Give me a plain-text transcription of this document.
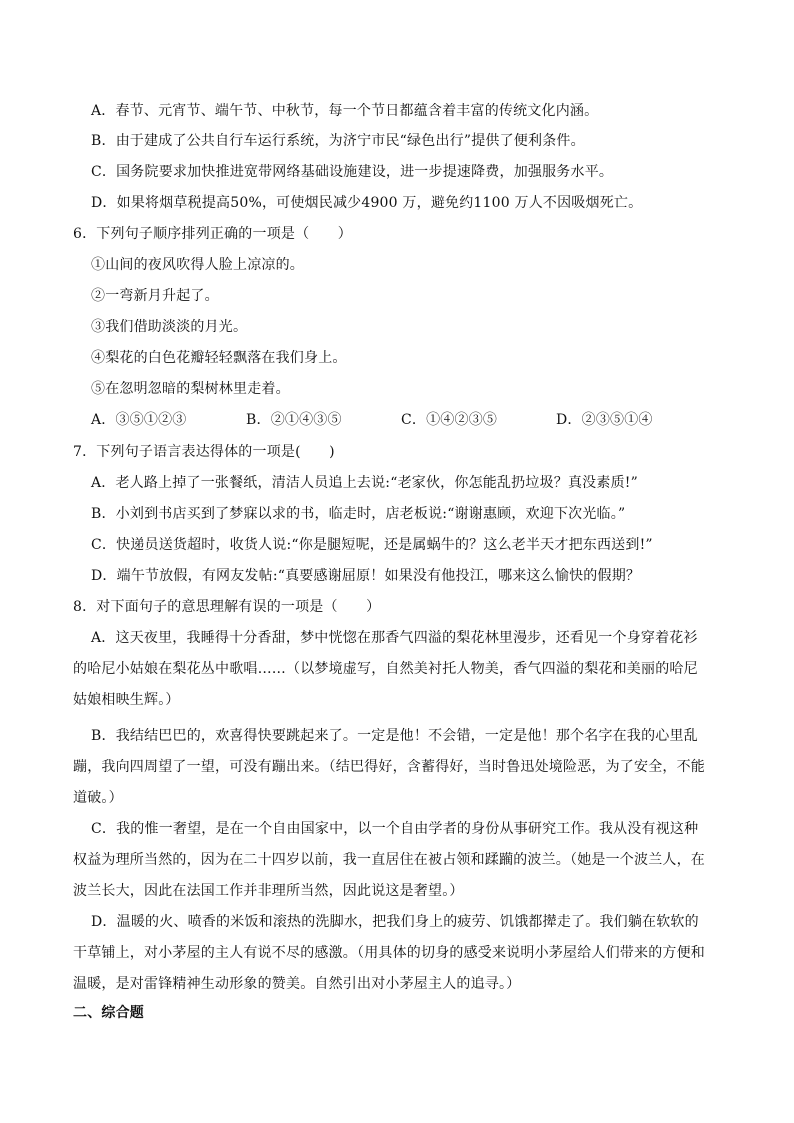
A．春节、元宵节、端午节、中秋节，每一个节日都蕴含着丰富的传统文化内涵。
B．由于建成了公共自行车运行系统，为济宁市民“绿色出行”提供了便利条件。
C．国务院要求加快推进宽带网络基础设施建设，进一步提速降费，加强服务水平。
D．如果将烟草税提高50%，可使烟民减少4900 万，避免约1100 万人不因吸烟死亡。
6．下列句子顺序排列正确的一项是（　　）
①山间的夜风吹得人脸上凉凉的。
②一弯新月升起了。
③我们借助淡淡的月光。
④梨花的白色花瓣轻轻飘落在我们身上。
⑤在忽明忽暗的梨树林里走着。
A．③⑤①②③	B．②①④③⑤	C．①④②③⑤	D．②③⑤①④
7．下列句子语言表达得体的一项是(　　)
A．老人路上掉了一张餐纸，清洁人员追上去说:“老家伙，你怎能乱扔垃圾？真没素质!”
B．小刘到书店买到了梦寐以求的书，临走时，店老板说:“谢谢惠顾，欢迎下次光临。”
C．快递员送货超时，收货人说:“你是腿短呢，还是属蜗牛的？这么老半天才把东西送到!”
D．端午节放假，有网友发帖:“真要感谢屈原！如果没有他投江，哪来这么愉快的假期？
8．对下面句子的意思理解有误的一项是（　　）
A．这天夜里，我睡得十分香甜，梦中恍惚在那香气四溢的梨花林里漫步，还看见一个身穿着花衫
的哈尼小姑娘在梨花丛中歌唱……（以梦境虚写，自然美衬托人物美，香气四溢的梨花和美丽的哈尼
姑娘相映生辉。）
B．我结结巴巴的，欢喜得快要跳起来了。一定是他！不会错，一定是他！那个名字在我的心里乱
蹦，我向四周望了一望，可没有蹦出来。（结巴得好，含蓄得好，当时鲁迅处境险恶，为了安全，不能
道破。）
C．我的惟一奢望，是在一个自由国家中，以一个自由学者的身份从事研究工作。我从没有视这种
权益为理所当然的，因为在二十四岁以前，我一直居住在被占领和蹂躏的波兰。（她是一个波兰人，在
波兰长大，因此在法国工作并非理所当然，因此说这是奢望。）
D．温暖的火、喷香的米饭和滚热的洗脚水，把我们身上的疲劳、饥饿都撵走了。我们躺在软软的
干草铺上，对小茅屋的主人有说不尽的感激。（用具体的切身的感受来说明小茅屋给人们带来的方便和
温暖，是对雷锋精神生动形象的赞美。自然引出对小茅屋主人的追寻。）
二、综合题
